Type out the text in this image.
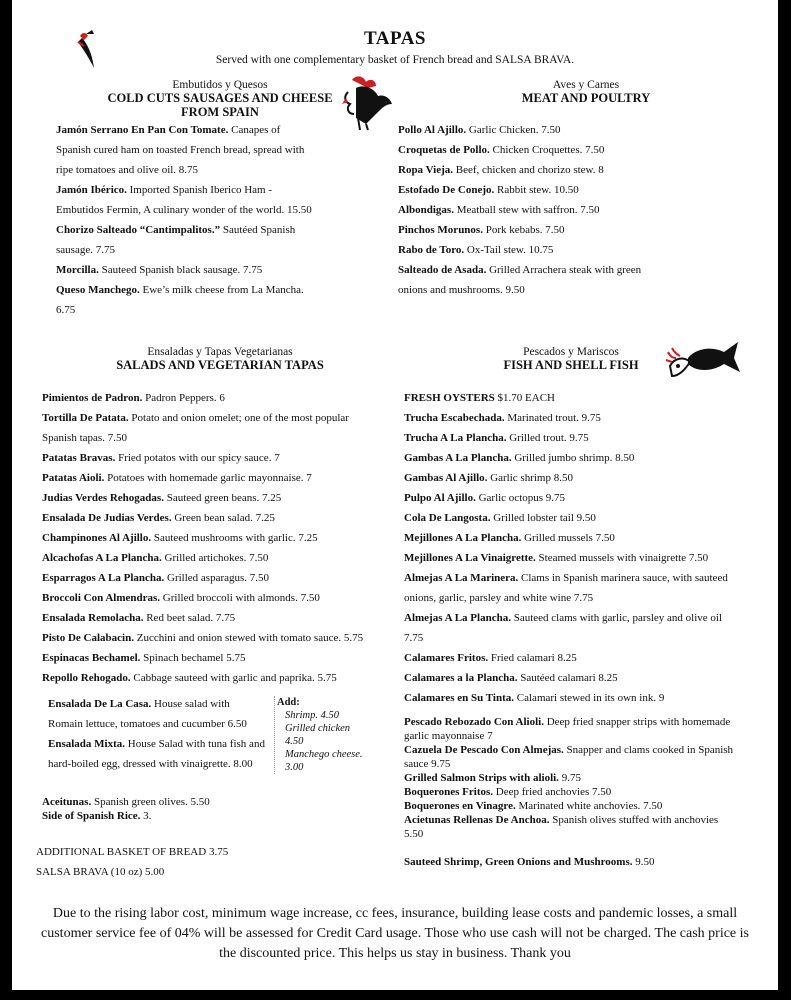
TAPAS
Served with one complementary basket of French bread and SALSA BRAVA.
Embutidos y Quesos
COLD CUTS SAUSAGES AND CHEESE FROM SPAIN
Jamón Serrano En Pan Con Tomate. Canapes of Spanish cured ham on toasted French bread, spread with ripe tomatoes and olive oil. 8.75
Jamón Ibérico. Imported Spanish Iberico Ham - Embutidos Fermin, A culinary wonder of the world. 15.50
Chorizo Salteado “Cantimpalitos.” Sautéed Spanish sausage. 7.75
Morcilla. Sauteed Spanish black sausage. 7.75
Queso Manchego. Ewe’s milk cheese from La Mancha. 6.75
Aves y Carnes
MEAT AND POULTRY
Pollo Al Ajillo. Garlic Chicken. 7.50
Croquetas de Pollo. Chicken Croquettes. 7.50
Ropa Vieja. Beef, chicken and chorizo stew. 8
Estofado De Conejo. Rabbit stew. 10.50
Albondigas. Meatball stew with saffron. 7.50
Pinchos Morunos. Pork kebabs. 7.50
Rabo de Toro. Ox-Tail stew. 10.75
Salteado de Asada. Grilled Arrachera steak with green onions and mushrooms. 9.50
Ensaladas y Tapas Vegetarianas
SALADS AND VEGETARIAN TAPAS
Pimientos de Padron. Padron Peppers. 6
Tortilla De Patata. Potato and onion omelet; one of the most popular Spanish tapas. 7.50
Patatas Bravas. Fried potatos with our spicy sauce. 7
Patatas Aioli. Potatoes with homemade garlic mayonnaise. 7
Judias Verdes Rehogadas. Sauteed green beans. 7.25
Ensalada De Judias Verdes. Green bean salad. 7.25
Champinones Al Ajillo. Sauteed mushrooms with garlic. 7.25
Alcachofas A La Plancha. Grilled artichokes. 7.50
Esparragos A La Plancha. Grilled asparagus. 7.50
Broccoli Con Almendras. Grilled broccoli with almonds. 7.50
Ensalada Remolacha. Red beet salad. 7.75
Pisto De Calabacin. Zucchini and onion stewed with tomato sauce. 5.75
Espinacas Bechamel. Spinach bechamel 5.75
Repollo Rehogado. Cabbage sauteed with garlic and paprika. 5.75
Ensalada De La Casa. House salad with Romain lettuce, tomatoes and cucumber 6.50
Ensalada Mixta. House Salad with tuna fish and hard-boiled egg, dressed with vinaigrette. 8.00
Add:
Shrimp. 4.50
Grilled chicken 4.50
Manchego cheese. 3.00
Aceitunas. Spanish green olives. 5.50
Side of Spanish Rice. 3.
ADDITIONAL BASKET OF BREAD 3.75
SALSA BRAVA (10 oz) 5.00
Pescados y Mariscos
FISH AND SHELL FISH
FRESH OYSTERS $1.70 EACH
Trucha Escabechada. Marinated trout. 9.75
Trucha A La Plancha. Grilled trout. 9.75
Gambas A La Plancha. Grilled jumbo shrimp. 8.50
Gambas Al Ajillo. Garlic shrimp 8.50
Pulpo Al Ajillo. Garlic octopus 9.75
Cola De Langosta. Grilled lobster tail 9.50
Mejillones A La Plancha. Grilled mussels 7.50
Mejillones A La Vinaigrette. Steamed mussels with vinaigrette 7.50
Almejas A La Marinera. Clams in Spanish marinera sauce, with sauteed onions, garlic, parsley and white wine 7.75
Almejas A La Plancha. Sauteed clams with garlic, parsley and olive oil 7.75
Calamares Fritos. Fried calamari 8.25
Calamares a la Plancha. Sautéed calamari 8.25
Calamares en Su Tinta. Calamari stewed in its own ink. 9
Pescado Rebozado Con Alioli. Deep fried snapper strips with homemade garlic mayonnaise 7
Cazuela De Pescado Con Almejas. Snapper and clams cooked in Spanish sauce 9.75
Grilled Salmon Strips with alioli. 9.75
Boquerones Fritos. Deep fried anchovies 7.50
Boquerones en Vinagre. Marinated white anchovies. 7.50
Acietunas Rellenas De Anchoa. Spanish olives stuffed with anchovies 5.50
Sauteed Shrimp, Green Onions and Mushrooms. 9.50
Due to the rising labor cost, minimum wage increase, cc fees, insurance, building lease costs and pandemic losses, a small customer service fee of 04% will be assessed for Credit Card usage. Those who use cash will not be charged. The cash price is the discounted price. This helps us stay in business. Thank you
